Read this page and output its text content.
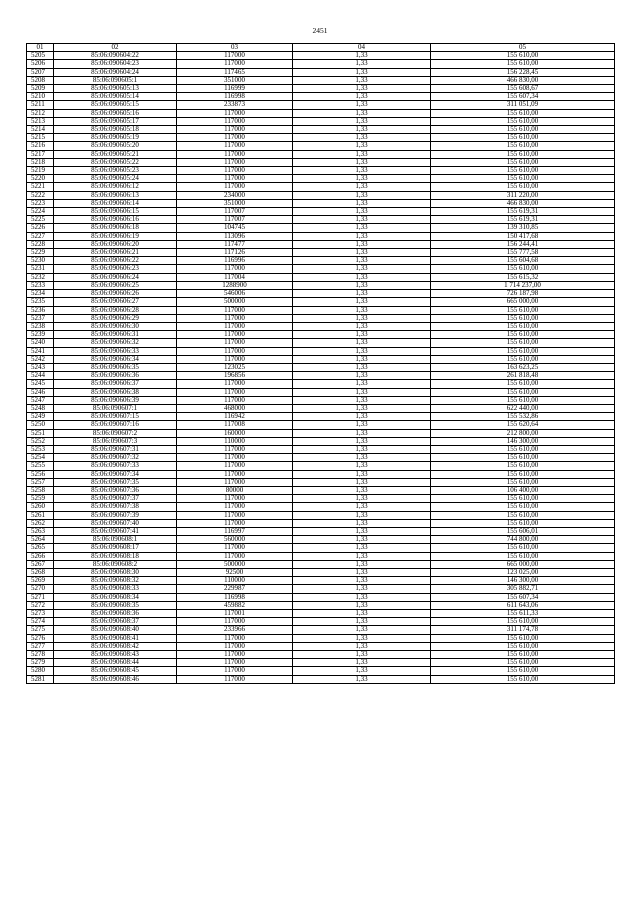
2451
01	02	03	04	05
5205	85:06:090604:22	117000	1,33	155 610,00
5206	85:06:090604:23	117000	1,33	155 610,00
5207	85:06:090604:24	117465	1,33	156 228,45
5208	85:06:090605:1	351000	1,33	466 830,00
5209	85:06:090605:13	116999	1,33	155 608,67
5210	85:06:090605:14	116998	1,33	155 607,34
5211	85:06:090605:15	233873	1,33	311 051,09
5212	85:06:090605:16	117000	1,33	155 610,00
5213	85:06:090605:17	117000	1,33	155 610,00
5214	85:06:090605:18	117000	1,33	155 610,00
5215	85:06:090605:19	117000	1,33	155 610,00
5216	85:06:090605:20	117000	1,33	155 610,00
5217	85:06:090605:21	117000	1,33	155 610,00
5218	85:06:090605:22	117000	1,33	155 610,00
5219	85:06:090605:23	117000	1,33	155 610,00
5220	85:06:090605:24	117000	1,33	155 610,00
5221	85:06:090606:12	117000	1,33	155 610,00
5222	85:06:090606:13	234000	1,33	311 220,00
5223	85:06:090606:14	351000	1,33	466 830,00
5224	85:06:090606:15	117007	1,33	155 619,31
5225	85:06:090606:16	117007	1,33	155 619,31
5226	85:06:090606:18	104745	1,33	139 310,85
5227	85:06:090606:19	113096	1,33	150 417,68
5228	85:06:090606:20	117477	1,33	156 244,41
5229	85:06:090606:21	117126	1,33	155 777,58
5230	85:06:090606:22	116996	1,33	155 604,68
5231	85:06:090606:23	117000	1,33	155 610,00
5232	85:06:090606:24	117004	1,33	155 615,32
5233	85:06:090606:25	1288900	1,33	1 714 237,00
5234	85:06:090606:26	546006	1,33	726 187,98
5235	85:06:090606:27	500000	1,33	665 000,00
5236	85:06:090606:28	117000	1,33	155 610,00
5237	85:06:090606:29	117000	1,33	155 610,00
5238	85:06:090606:30	117000	1,33	155 610,00
5239	85:06:090606:31	117000	1,33	155 610,00
5240	85:06:090606:32	117000	1,33	155 610,00
5241	85:06:090606:33	117000	1,33	155 610,00
5242	85:06:090606:34	117000	1,33	155 610,00
5243	85:06:090606:35	123025	1,33	163 623,25
5244	85:06:090606:36	196856	1,33	261 818,48
5245	85:06:090606:37	117000	1,33	155 610,00
5246	85:06:090606:38	117000	1,33	155 610,00
5247	85:06:090606:39	117000	1,33	155 610,00
5248	85:06:090607:1	468000	1,33	622 440,00
5249	85:06:090607:15	116942	1,33	155 532,86
5250	85:06:090607:16	117008	1,33	155 620,64
5251	85:06:090607:2	160000	1,33	212 800,00
5252	85:06:090607:3	110000	1,33	146 300,00
5253	85:06:090607:31	117000	1,33	155 610,00
5254	85:06:090607:32	117000	1,33	155 610,00
5255	85:06:090607:33	117000	1,33	155 610,00
5256	85:06:090607:34	117000	1,33	155 610,00
5257	85:06:090607:35	117000	1,33	155 610,00
5258	85:06:090607:36	80000	1,33	106 400,00
5259	85:06:090607:37	117000	1,33	155 610,00
5260	85:06:090607:38	117000	1,33	155 610,00
5261	85:06:090607:39	117000	1,33	155 610,00
5262	85:06:090607:40	117000	1,33	155 610,00
5263	85:06:090607:41	116997	1,33	155 606,01
5264	85:06:090608:1	560000	1,33	744 800,00
5265	85:06:090608:17	117000	1,33	155 610,00
5266	85:06:090608:18	117000	1,33	155 610,00
5267	85:06:090608:2	500000	1,33	665 000,00
5268	85:06:090608:30	92500	1,33	123 025,00
5269	85:06:090608:32	110000	1,33	146 300,00
5270	85:06:090608:33	229987	1,33	305 882,71
5271	85:06:090608:34	116998	1,33	155 607,34
5272	85:06:090608:35	459882	1,33	611 643,06
5273	85:06:090608:36	117001	1,33	155 611,33
5274	85:06:090608:37	117000	1,33	155 610,00
5275	85:06:090608:40	233966	1,33	311 174,78
5276	85:06:090608:41	117000	1,33	155 610,00
5277	85:06:090608:42	117000	1,33	155 610,00
5278	85:06:090608:43	117000	1,33	155 610,00
5279	85:06:090608:44	117000	1,33	155 610,00
5280	85:06:090608:45	117000	1,33	155 610,00
5281	85:06:090608:46	117000	1,33	155 610,00
